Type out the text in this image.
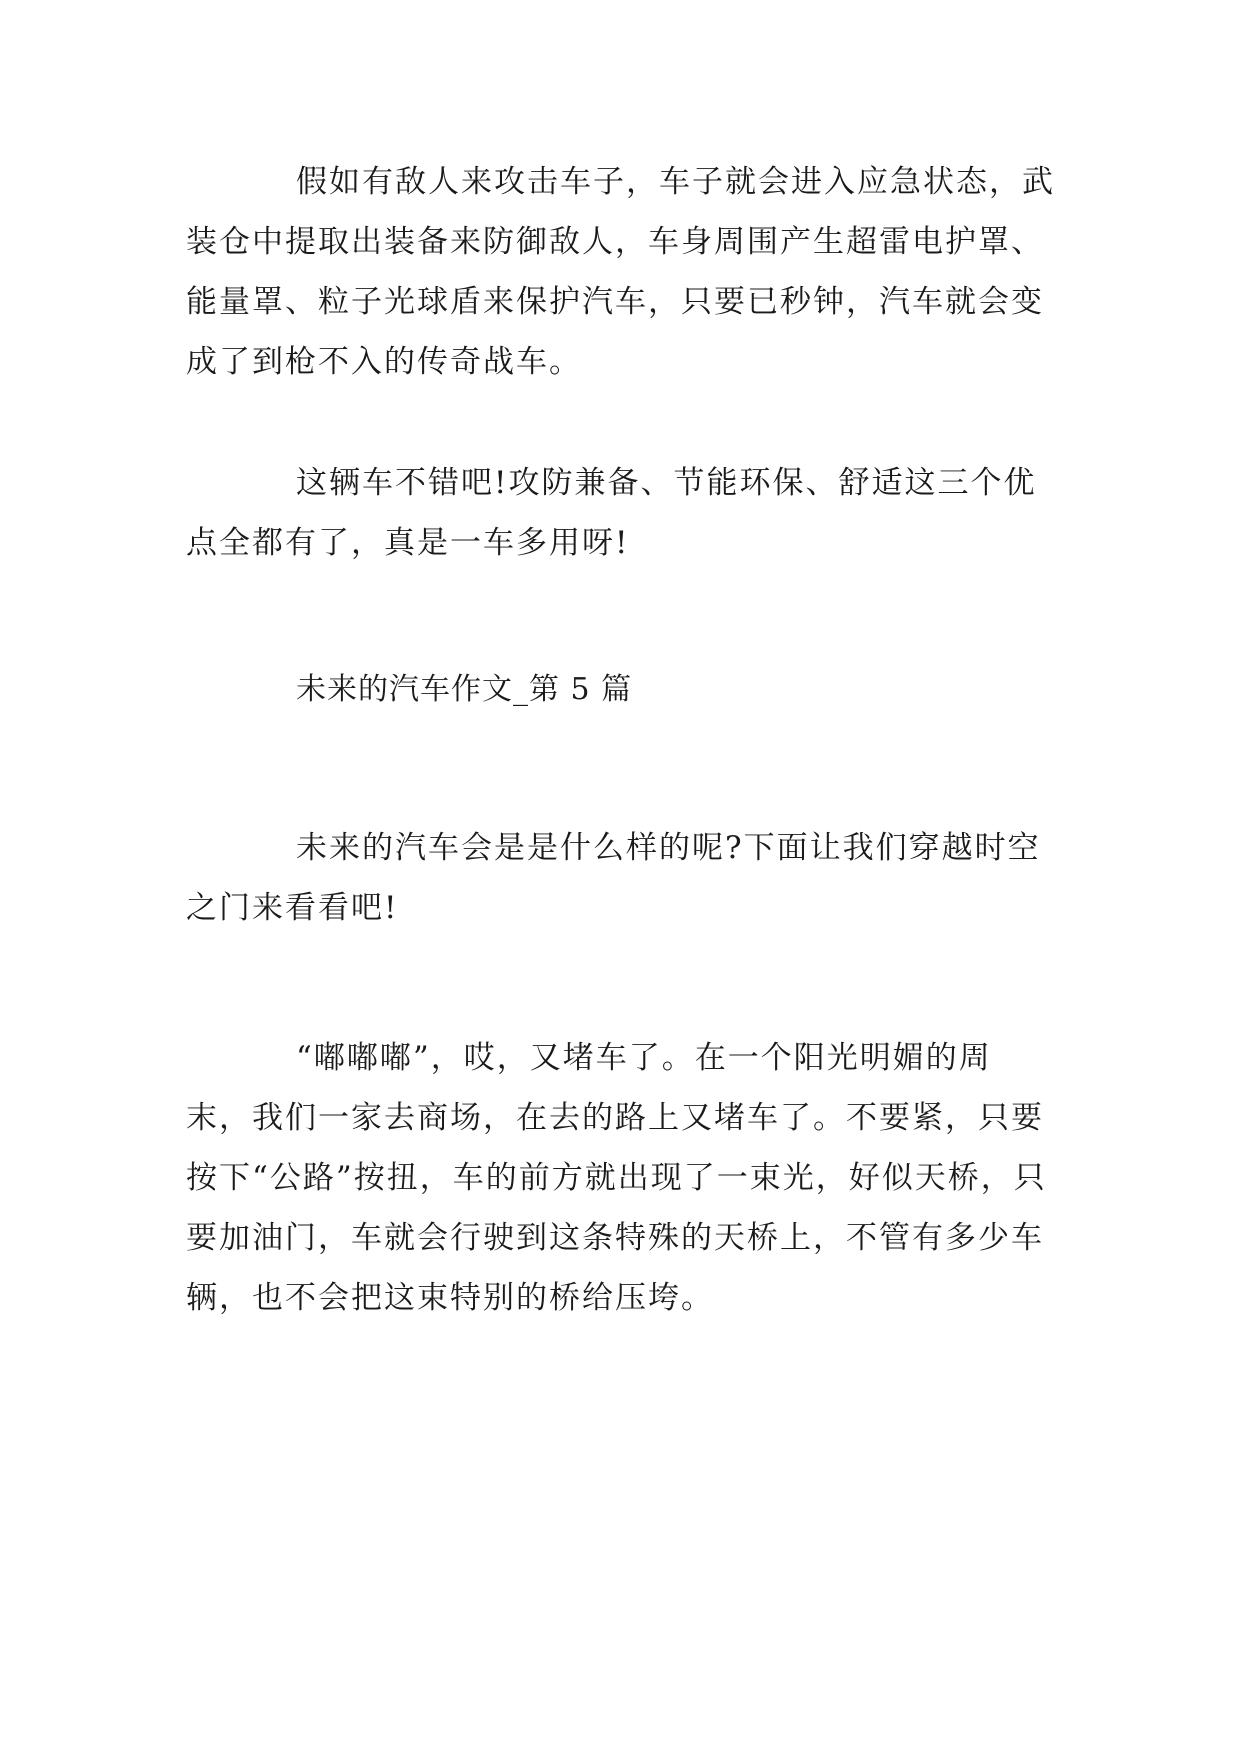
假如有敌人来攻击车子，车子就会进入应急状态，武装仓中提取出装备来防御敌人，车身周围产生超雷电护罩、能量罩、粒子光球盾来保护汽车，只要已秒钟，汽车就会变成了到枪不入的传奇战车。

这辆车不错吧!攻防兼备、节能环保、舒适这三个优点全都有了，真是一车多用呀!

未来的汽车作文_第 5 篇

未来的汽车会是是什么样的呢?下面让我们穿越时空之门来看看吧!

“嘟嘟嘟”，哎，又堵车了。在一个阳光明媚的周末，我们一家去商场，在去的路上又堵车了。不要紧，只要按下“公路”按扭，车的前方就出现了一束光，好似天桥，只要加油门，车就会行驶到这条特殊的天桥上，不管有多少车辆，也不会把这束特别的桥给压垮。
